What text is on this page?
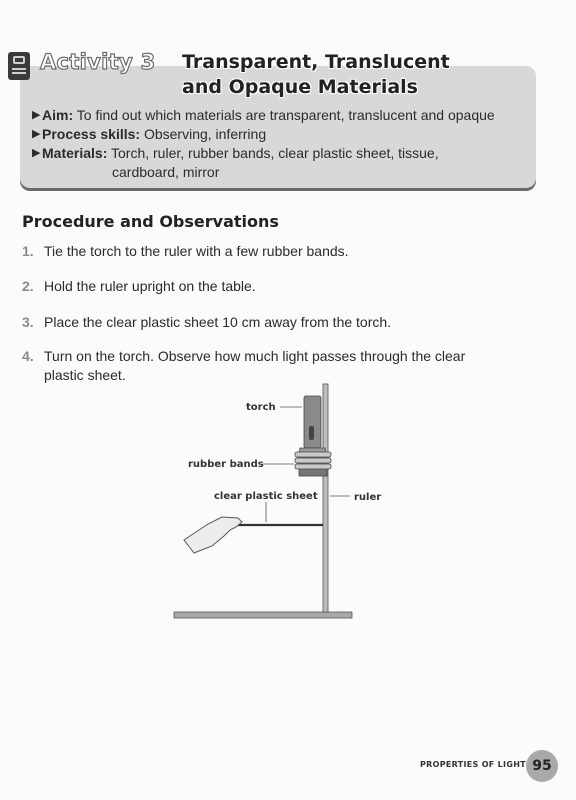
Activity 3 Transparent, Translucent
and Opaque Materials
▶ Aim: To find out which materials are transparent, translucent and opaque
▶ Process skills: Observing, inferring
▶ Materials: Torch, ruler, rubber bands, clear plastic sheet, tissue,
cardboard, mirror
Procedure and Observations
1. Tie the torch to the ruler with a few rubber bands.
2. Hold the ruler upright on the table.
3. Place the clear plastic sheet 10 cm away from the torch.
4. Turn on the torch. Observe how much light passes through the clear plastic sheet.
torch
rubber bands
clear plastic sheet	ruler
PROPERTIES OF LIGHT 95
